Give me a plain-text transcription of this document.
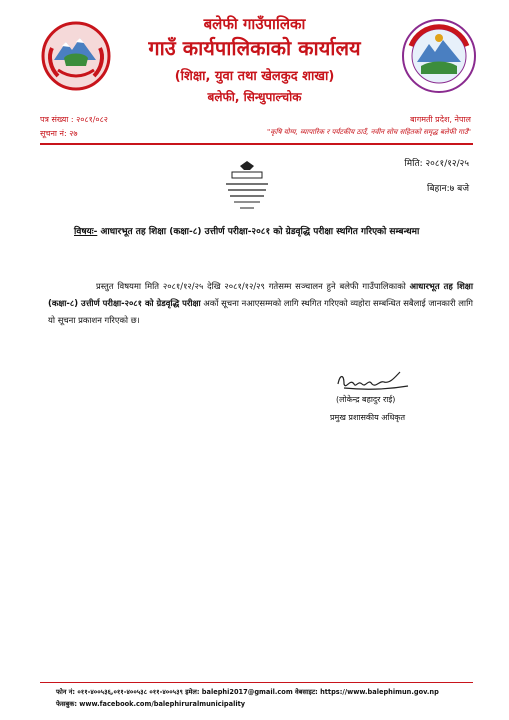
बलेफी गाउँपालिका
गाउँ कार्यपालिकाको कार्यालय
(शिक्षा, युवा तथा खेलकुद शाखा)
बलेफी, सिन्धुपाल्चोक
पत्र संख्या : २०८१/०८२
सूचना नं: २७
बागमती प्रदेश, नेपाल
"कृषि योग्य, व्यापारिक र पर्यटकीय ठाउँ, नवीन सोच सहितको समृद्ध बलेफी गाउँ"
मिति: २०८१/१२/२५
बिहान:७ बजे
विषयः- आधारभूत तह शिक्षा (कक्षा-८) उत्तीर्ण परीक्षा-२०८१ को ग्रेडवृद्धि परीक्षा स्थगित गरिएको सम्बन्धमा
प्रस्तुत विषयमा मिति २०८१/१२/२५ देखि २०८१/१२/२९ गतेसम्म सञ्चालन हुने बलेफी गाउँपालिकाको आधारभूत तह शिक्षा (कक्षा-८) उत्तीर्ण परीक्षा-२०८१ को ग्रेडवृद्धि परीक्षा अर्को सूचना नआएसम्मको लागि स्थगित गरिएको व्यहोरा सम्बन्धित सबैलाई जानकारी लागि यो सूचना प्रकाशन गरिएको छ।
(लोकेन्द्र बहादुर राई)
प्रमुख प्रशासकीय अधिकृत
फोन नं: ०११-४००५३६,०११-४००५३८ ०११-४००५३९ इमेल: balephi2017@gmail.com वेबसाइट: https://www.balephimun.gov.np
फेसबुक: www.facebook.com/balephiruralmunicipality
